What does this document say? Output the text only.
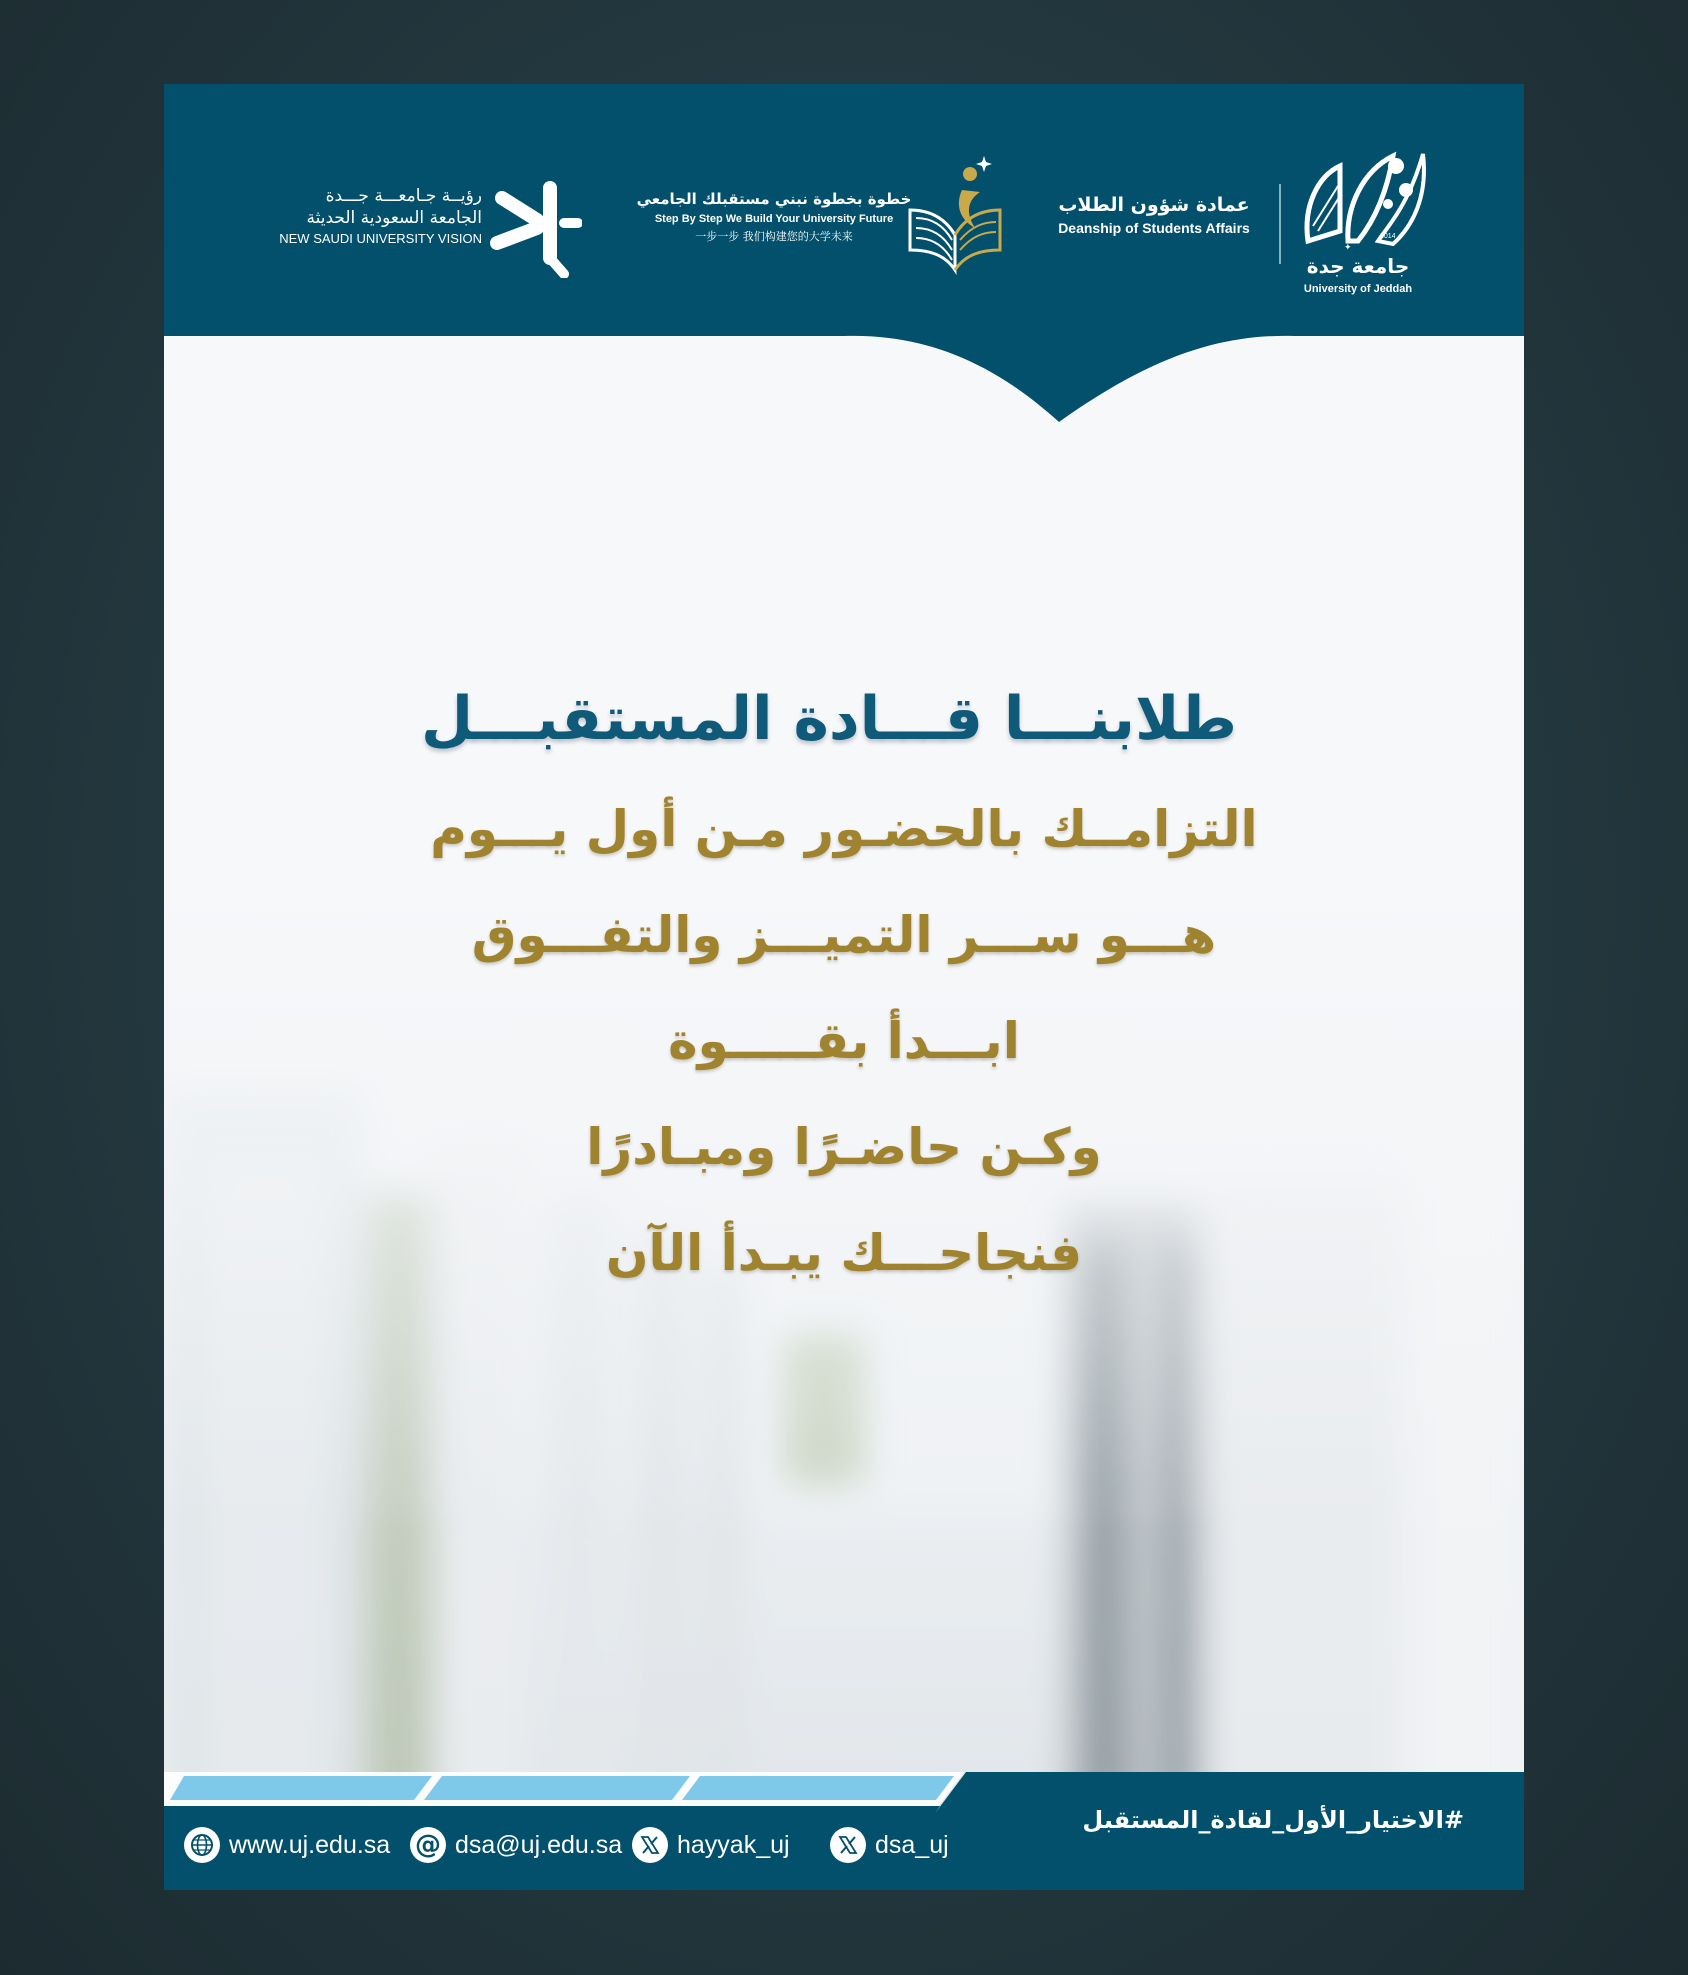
✦
2014
جامعة جدة
University of Jeddah
عمادة شؤون الطلاب
Deanship of Students Affairs
خطوة بخطوة نبني مستقبلك الجامعي
Step By Step We Build Your University Future
一步一步 我们构建您的大学未来
رؤيــة جـامعـــة جـــدة
الجامعة السعودية الحديثة
NEW SAUDI UNIVERSITY VISION
طلابنـــا قـــادة المستقبـــل
التزامــك بالحضـور مـن أول يـــوم
هـــو ســـر التميـــز والتفـــوق
ابـــدأ بقـــــوة
وكـن حاضـرًا ومبـادرًا
فنجاحـــك يبـدأ الآن
#الاختيار_الأول_لقادة_المستقبل
www.uj.edu.sa @ dsa@uj.edu.sa hayyak_uj	dsa_uj
